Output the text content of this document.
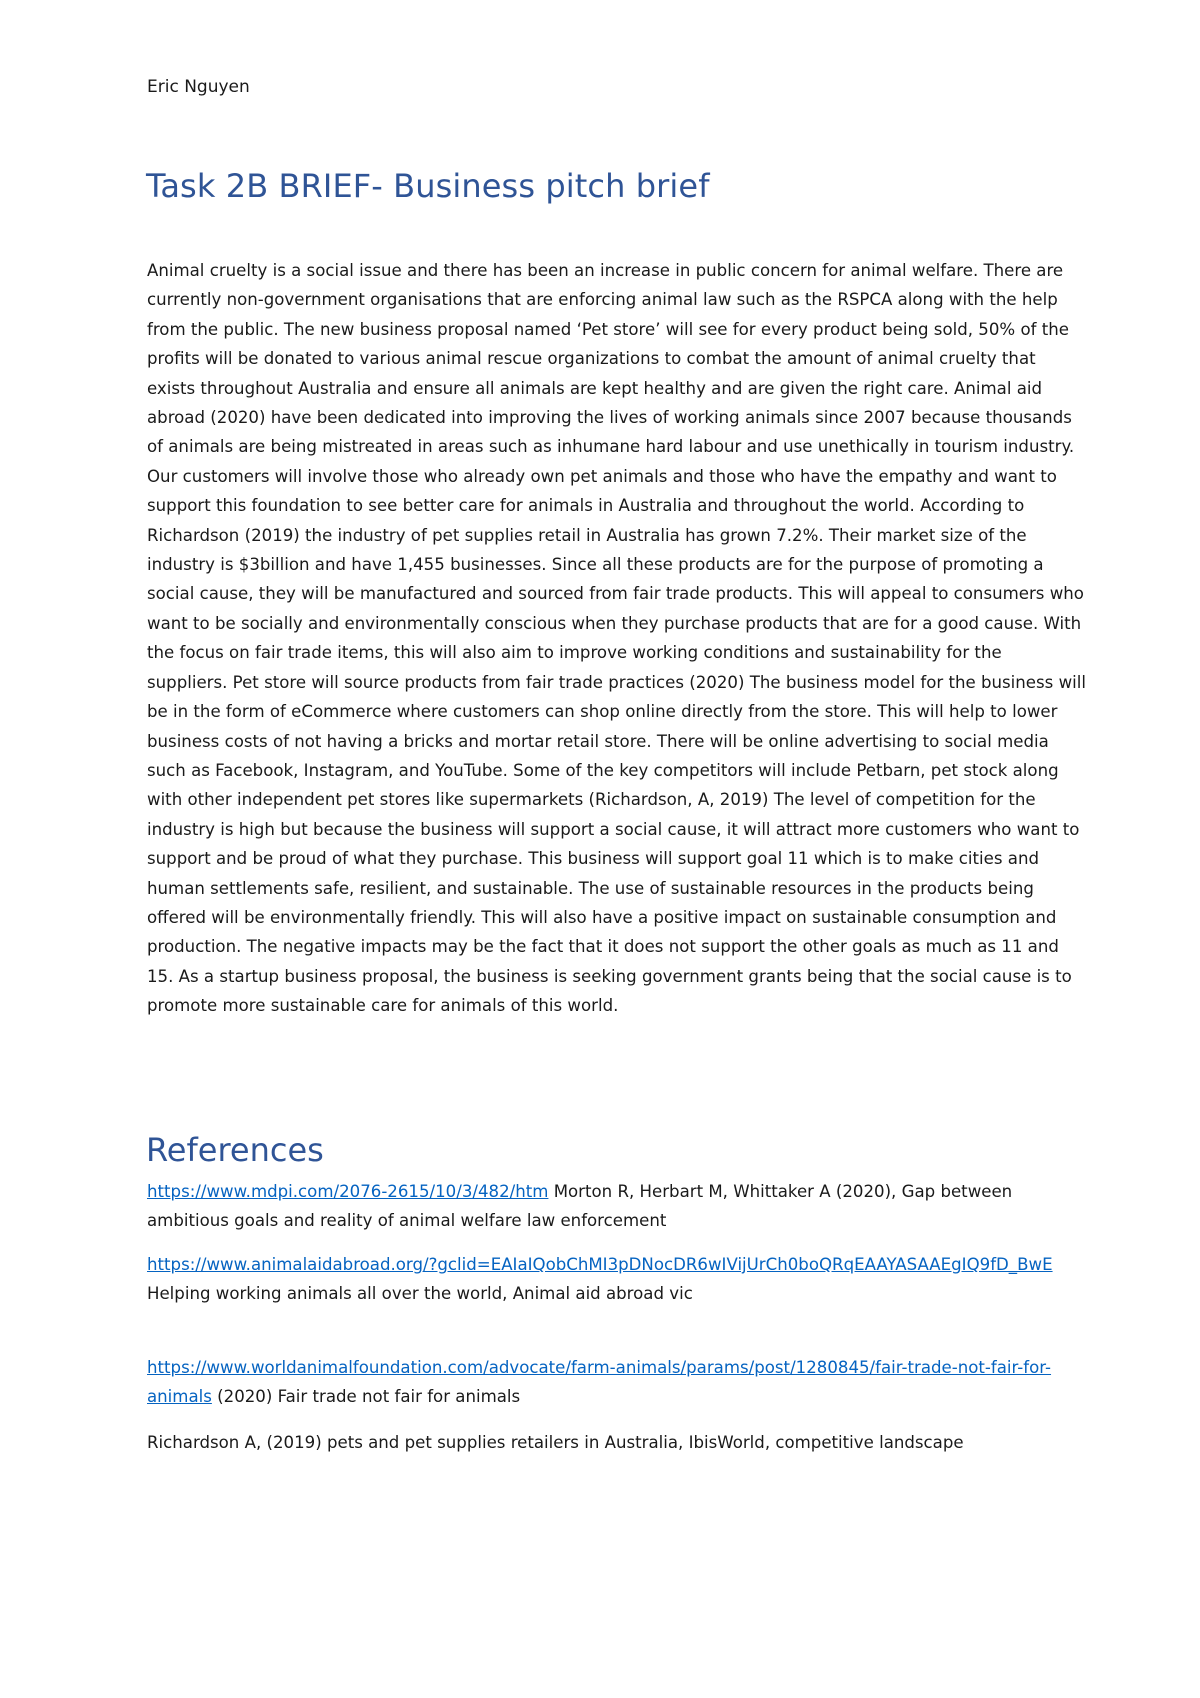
Eric Nguyen
Task 2B BRIEF- Business pitch brief

Animal cruelty is a social issue and there has been an increase in public concern for animal welfare. There are currently non-government organisations that are enforcing animal law such as the RSPCA along with the help from the public. The new business proposal named ‘Pet store’ will see for every product being sold, 50% of the profits will be donated to various animal rescue organizations to combat the amount of animal cruelty that exists throughout Australia and ensure all animals are kept healthy and are given the right care. Animal aid abroad (2020) have been dedicated into improving the lives of working animals since 2007 because thousands of animals are being mistreated in areas such as inhumane hard labour and use unethically in tourism industry. Our customers will involve those who already own pet animals and those who have the empathy and want to support this foundation to see better care for animals in Australia and throughout the world. According to Richardson (2019) the industry of pet supplies retail in Australia has grown 7.2%. Their market size of the industry is $3billion and have 1,455 businesses. Since all these products are for the purpose of promoting a social cause, they will be manufactured and sourced from fair trade products. This will appeal to consumers who want to be socially and environmentally conscious when they purchase products that are for a good cause. With the focus on fair trade items, this will also aim to improve working conditions and sustainability for the suppliers. Pet store will source products from fair trade practices (2020) The business model for the business will be in the form of eCommerce where customers can shop online directly from the store. This will help to lower business costs of not having a bricks and mortar retail store. There will be online advertising to social media such as Facebook, Instagram, and YouTube. Some of the key competitors will include Petbarn, pet stock along with other independent pet stores like supermarkets (Richardson, A, 2019) The level of competition for the industry is high but because the business will support a social cause, it will attract more customers who want to support and be proud of what they purchase. This business will support goal 11 which is to make cities and human settlements safe, resilient, and sustainable. The use of sustainable resources in the products being offered will be environmentally friendly. This will also have a positive impact on sustainable consumption and production. The negative impacts may be the fact that it does not support the other goals as much as 11 and 15. As a startup business proposal, the business is seeking government grants being that the social cause is to promote more sustainable care for animals of this world.

References

https://www.mdpi.com/2076-2615/10/3/482/htm Morton R, Herbart M, Whittaker A (2020), Gap between ambitious goals and reality of animal welfare law enforcement

https://www.animalaidabroad.org/?gclid=EAIaIQobChMI3pDNocDR6wIVijUrCh0boQRqEAAYASAAEgIQ9fD_BwE Helping working animals all over the world, Animal aid abroad vic

https://www.worldanimalfoundation.com/advocate/farm-animals/params/post/1280845/fair-trade-not-fair-for-animals (2020) Fair trade not fair for animals

Richardson A, (2019) pets and pet supplies retailers in Australia, IbisWorld, competitive landscape
